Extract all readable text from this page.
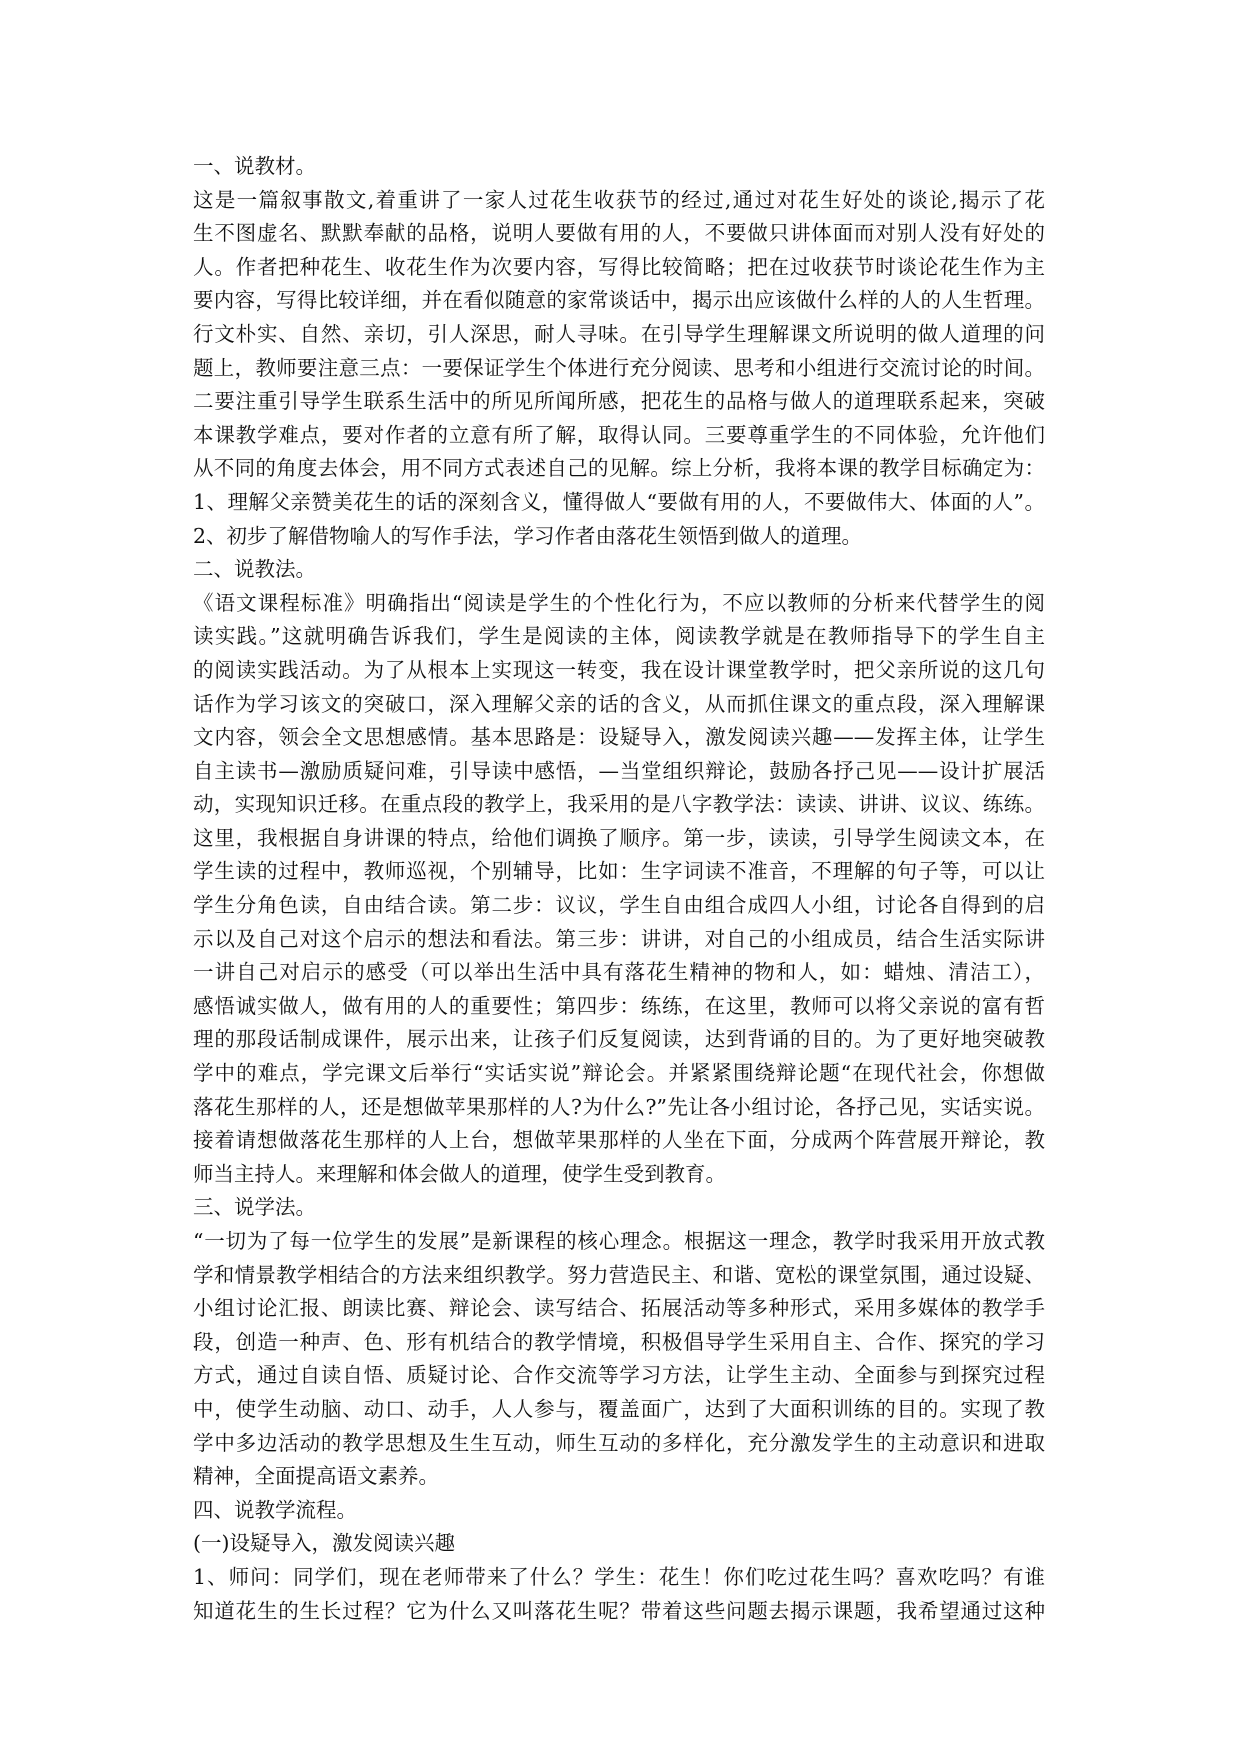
一、说教材。
这是一篇叙事散文,着重讲了一家人过花生收获节的经过,通过对花生好处的谈论,揭示了花
生不图虚名、默默奉献的品格，说明人要做有用的人，不要做只讲体面而对别人没有好处的
人。作者把种花生、收花生作为次要内容，写得比较简略；把在过收获节时谈论花生作为主
要内容，写得比较详细，并在看似随意的家常谈话中，揭示出应该做什么样的人的人生哲理。
行文朴实、自然、亲切，引人深思，耐人寻味。在引导学生理解课文所说明的做人道理的问
题上，教师要注意三点：一要保证学生个体进行充分阅读、思考和小组进行交流讨论的时间。
二要注重引导学生联系生活中的所见所闻所感，把花生的品格与做人的道理联系起来，突破
本课教学难点，要对作者的立意有所了解，取得认同。三要尊重学生的不同体验，允许他们
从不同的角度去体会，用不同方式表述自己的见解。综上分析，我将本课的教学目标确定为：
1、理解父亲赞美花生的话的深刻含义，懂得做人“要做有用的人，不要做伟大、体面的人”。
2、初步了解借物喻人的写作手法，学习作者由落花生领悟到做人的道理。
二、说教法。
《语文课程标准》明确指出“阅读是学生的个性化行为，不应以教师的分析来代替学生的阅
读实践。”这就明确告诉我们，学生是阅读的主体，阅读教学就是在教师指导下的学生自主
的阅读实践活动。为了从根本上实现这一转变，我在设计课堂教学时，把父亲所说的这几句
话作为学习该文的突破口，深入理解父亲的话的含义，从而抓住课文的重点段，深入理解课
文内容，领会全文思想感情。基本思路是：设疑导入，激发阅读兴趣——发挥主体，让学生
自主读书—激励质疑问难，引导读中感悟，—当堂组织辩论，鼓励各抒己见——设计扩展活
动，实现知识迁移。在重点段的教学上，我采用的是八字教学法：读读、讲讲、议议、练练。
这里，我根据自身讲课的特点，给他们调换了顺序。第一步，读读，引导学生阅读文本，在
学生读的过程中，教师巡视，个别辅导，比如：生字词读不准音，不理解的句子等，可以让
学生分角色读，自由结合读。第二步：议议，学生自由组合成四人小组，讨论各自得到的启
示以及自己对这个启示的想法和看法。第三步：讲讲，对自己的小组成员，结合生活实际讲
一讲自己对启示的感受（可以举出生活中具有落花生精神的物和人，如：蜡烛、清洁工），
感悟诚实做人，做有用的人的重要性；第四步：练练，在这里，教师可以将父亲说的富有哲
理的那段话制成课件，展示出来，让孩子们反复阅读，达到背诵的目的。为了更好地突破教
学中的难点，学完课文后举行“实话实说”辩论会。并紧紧围绕辩论题“在现代社会，你想做
落花生那样的人，还是想做苹果那样的人?为什么?”先让各小组讨论，各抒己见，实话实说。
接着请想做落花生那样的人上台，想做苹果那样的人坐在下面，分成两个阵营展开辩论，教
师当主持人。来理解和体会做人的道理，使学生受到教育。
三、说学法。
“一切为了每一位学生的发展”是新课程的核心理念。根据这一理念，教学时我采用开放式教
学和情景教学相结合的方法来组织教学。努力营造民主、和谐、宽松的课堂氛围，通过设疑、
小组讨论汇报、朗读比赛、辩论会、读写结合、拓展活动等多种形式，采用多媒体的教学手
段，创造一种声、色、形有机结合的教学情境，积极倡导学生采用自主、合作、探究的学习
方式，通过自读自悟、质疑讨论、合作交流等学习方法，让学生主动、全面参与到探究过程
中，使学生动脑、动口、动手，人人参与，覆盖面广，达到了大面积训练的目的。实现了教
学中多边活动的教学思想及生生互动，师生互动的多样化，充分激发学生的主动意识和进取
精神，全面提高语文素养。
四、说教学流程。
(一)设疑导入，激发阅读兴趣
1、师问：同学们，现在老师带来了什么？学生：花生！你们吃过花生吗？喜欢吃吗？有谁
知道花生的生长过程？它为什么又叫落花生呢？带着这些问题去揭示课题，我希望通过这种
